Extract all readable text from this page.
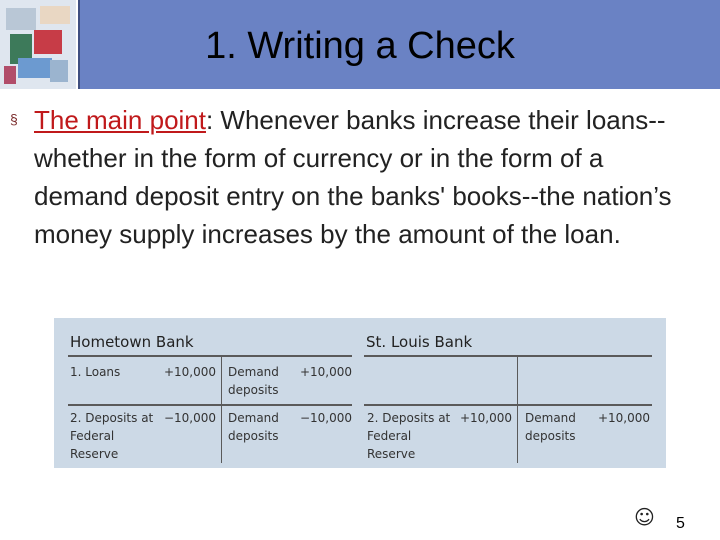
1. Writing a Check
§ The main point: Whenever banks increase their loans--whether in the form of currency or in the form of a demand deposit entry on the banks' books--the nation’s money supply increases by the amount of the loan.
Hometown Bank	St. Louis Bank
1. Loans	+10,000 Demand
deposits
+10,000
2. Deposits at
Federal
Reserve
−10,000 Demand
deposits
−10,000 2. Deposits at
Federal
Reserve
+10,000 Demand
deposits
+10,000
☺ 5
